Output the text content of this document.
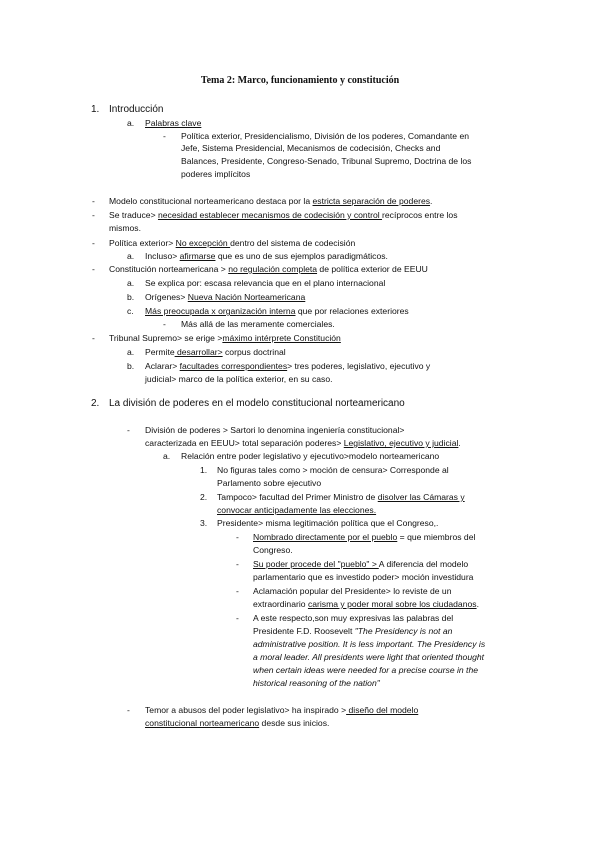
Tema 2: Marco, funcionamiento y constitución
1. Introducción
a. Palabras clave
- Política exterior, Presidencialismo, División de los poderes, Comandante en
Jefe, Sistema Presidencial, Mecanismos de codecisión, Checks and
Balances, Presidente, Congreso-Senado, Tribunal Supremo, Doctrina de los
poderes implícitos
- Modelo constitucional norteamericano destaca por la estricta separación de poderes.
- Se traduce> necesidad establecer mecanismos de codecisión y control recíprocos entre los
mismos.
- Política exterior> No excepción dentro del sistema de codecisión
a. Incluso> afirmarse que es uno de sus ejemplos paradigmáticos.
- Constitución norteamericana > no regulación completa de política exterior de EEUU
a. Se explica por: escasa relevancia que en el plano internacional
b. Orígenes> Nueva Nación Norteamericana
c. Más preocupada x organización interna que por relaciones exteriores
- Más allá de las meramente comerciales.
- Tribunal Supremo> se erige >máximo intérprete Constitución
a. Permite desarrollar> corpus doctrinal
b. Aclarar> facultades correspondientes> tres poderes, legislativo, ejecutivo y
judicial> marco de la política exterior, en su caso.
2. La división de poderes en el modelo constitucional norteamericano
- División de poderes > Sartori lo denomina ingeniería constitucional>
caracterizada en EEUU> total separación poderes> Legislativo, ejecutivo y judicial.
a. Relación entre poder legislativo y ejecutivo>modelo norteamericano
1. No figuras tales como > moción de censura> Corresponde al
Parlamento sobre ejecutivo
2. Tampoco> facultad del Primer Ministro de disolver las Cámaras y
convocar anticipadamente las elecciones.
3. Presidente> misma legitimación política que el Congreso,.
- Nombrado directamente por el pueblo = que miembros del
Congreso.
- Su poder procede del "pueblo" > A diferencia del modelo
parlamentario que es investido poder> moción investidura
- Aclamación popular del Presidente> lo reviste de un
extraordinario carisma y poder moral sobre los ciudadanos.
- A este respecto,son muy expresivas las palabras del
Presidente F.D. Roosevelt "The Presidency is not an
administrative position. It is less important. The Presidency is
a moral leader. All presidents were light that oriented thought
when certain ideas were needed for a precise course in the
historical reasoning of the nation"
- Temor a abusos del poder legislativo> ha inspirado > diseño del modelo
constitucional norteamericano desde sus inicios.
